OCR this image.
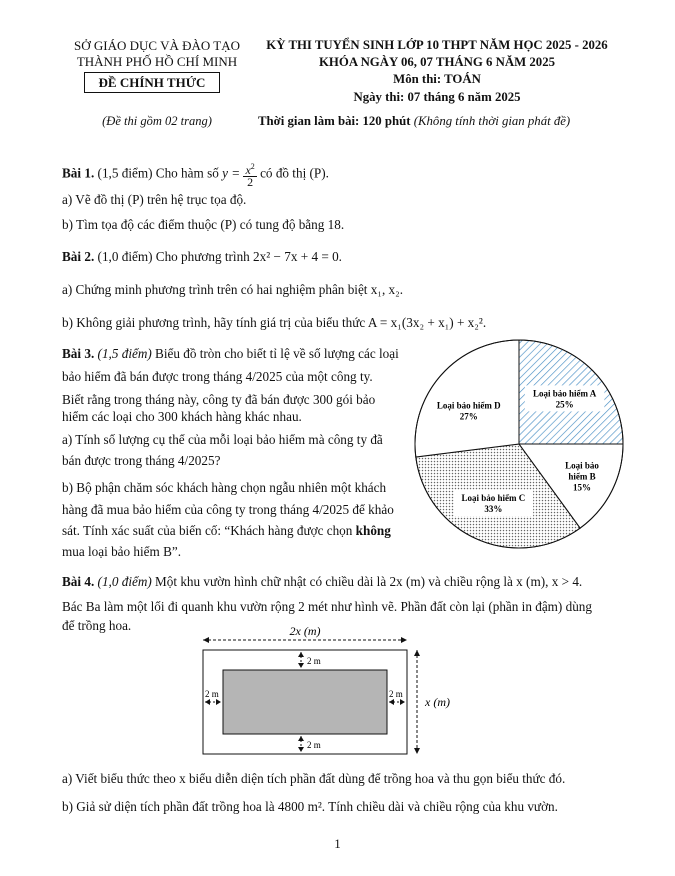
SỞ GIÁO DỤC VÀ ĐÀO TẠO
THÀNH PHỐ HỒ CHÍ MINH
ĐỀ CHÍNH THỨC
(Đề thi gồm 02 trang)
KỲ THI TUYỂN SINH LỚP 10 THPT NĂM HỌC 2025 - 2026
KHÓA NGÀY 06, 07 THÁNG 6 NĂM 2025
Môn thi: TOÁN
Ngày thi: 07 tháng 6 năm 2025
Thời gian làm bài: 120 phút (Không tính thời gian phát đề)
Bài 1. (1,5 điểm) Cho hàm số $y = \frac{x^2}{2}$ có đồ thị (P).
a) Vẽ đồ thị (P) trên hệ trục tọa độ.
b) Tìm tọa độ các điểm thuộc (P) có tung độ bằng 18.
Bài 2. (1,0 điểm) Cho phương trình 2x² − 7x + 4 = 0.
a) Chứng minh phương trình trên có hai nghiệm phân biệt x₁, x₂.
b) Không giải phương trình, hãy tính giá trị của biểu thức A = x₁(3x₂ + x₁) + x₂².
Bài 3. (1,5 điểm) Biểu đồ tròn cho biết tỉ lệ về số lượng các loại
bảo hiểm đã bán được trong tháng 4/2025 của một công ty.
Biết rằng trong tháng này, công ty đã bán được 300 gói bảo
hiểm các loại cho 300 khách hàng khác nhau.
a) Tính số lượng cụ thể của mỗi loại bảo hiểm mà công ty đã
bán được trong tháng 4/2025?
b) Bộ phận chăm sóc khách hàng chọn ngẫu nhiên một khách
hàng đã mua bảo hiểm của công ty trong tháng 4/2025 để khảo
sát. Tính xác suất của biến cố: “Khách hàng được chọn không
mua loại bảo hiểm B”.
Loại bảo hiểm A
25%
Loại bảo
hiểm B
15%
Loại bảo hiểm C
33%
Loại bảo hiểm D
27%
Bài 4. (1,0 điểm) Một khu vườn hình chữ nhật có chiều dài là 2x (m) và chiều rộng là x (m), x > 4.
Bác Ba làm một lối đi quanh khu vườn rộng 2 mét như hình vẽ. Phần đất còn lại (phần in đậm) dùng
để trồng hoa.	2x (m)
2 m
2 m
2 m	2 m
x (m)
a) Viết biểu thức theo x biểu diễn diện tích phần đất dùng để trồng hoa và thu gọn biểu thức đó.
b) Giả sử diện tích phần đất trồng hoa là 4800 m². Tính chiều dài và chiều rộng của khu vườn.
1
